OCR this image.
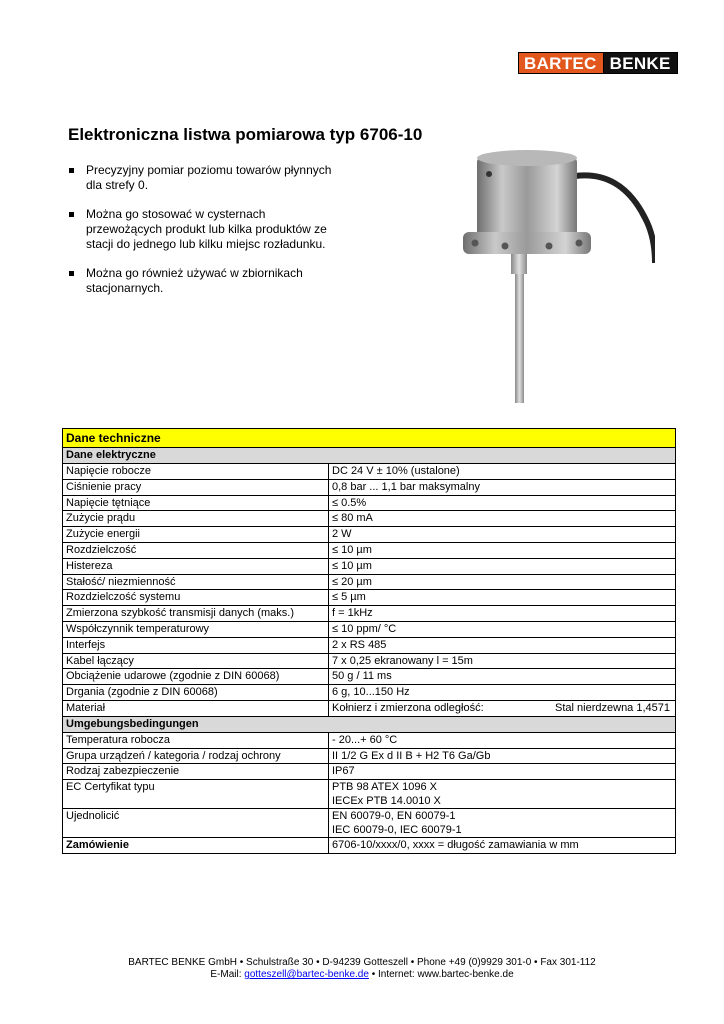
BARTEC BENKE
Elektroniczna listwa pomiarowa typ 6706-10
Precyzyjny pomiar poziomu towarów płynnych dla strefy 0.
Można go stosować w cysternach przewożących produkt lub kilka produktów ze stacji do jednego lub kilku miejsc rozładunku.
Można go również używać w zbiornikach stacjonarnych.
Dane techniczne	
Dane elektryczne	
Napięcie robocze	DC 24 V ± 10% (ustalone)
Ciśnienie pracy	0,8 bar ... 1,1 bar maksymalny
Napięcie tętniące	≤ 0.5%
Zużycie prądu	≤ 80 mA
Zużycie energii	2 W
Rozdzielczość	≤ 10 µm
Histereza	≤ 10 µm
Stałość/ niezmienność	≤ 20 µm
Rozdzielczość systemu	≤ 5 µm
Zmierzona szybkość transmisji danych (maks.)	f = 1kHz
Współczynnik temperaturowy	≤ 10 ppm/ °C
Interfejs	2 x RS 485
Kabel łączący	7 x 0,25 ekranowany l = 15m
Obciążenie udarowe (zgodnie z DIN 60068)	50 g / 11 ms
Drgania (zgodnie z DIN 60068)	6 g, 10...150 Hz
Materiał	Kołnierz i zmierzona odległość: Stal nierdzewna 1,4571

Umgebungsbedingungen	
Temperatura robocza	- 20...+ 60 °C
Grupa urządzeń / kategoria / rodzaj ochrony	II 1/2 G Ex d II B + H2 T6 Ga/Gb
Rodzaj zabezpieczenie	IP67
EC Certyfikat typu	PTB 98 ATEX 1096 X
IECEx PTB 14.0010 X

Ujednolicić	EN 60079-0, EN 60079-1
IEC 60079-0, IEC 60079-1

Zamówienie	6706-10/xxxx/0, xxxx = długość zamawiania w mm
BARTEC BENKE GmbH • Schulstraße 30 • D-94239 Gotteszell • Phone +49 (0)9929 301-0 • Fax 301-112
E-Mail: gotteszell@bartec-benke.de • Internet: www.bartec-benke.de
